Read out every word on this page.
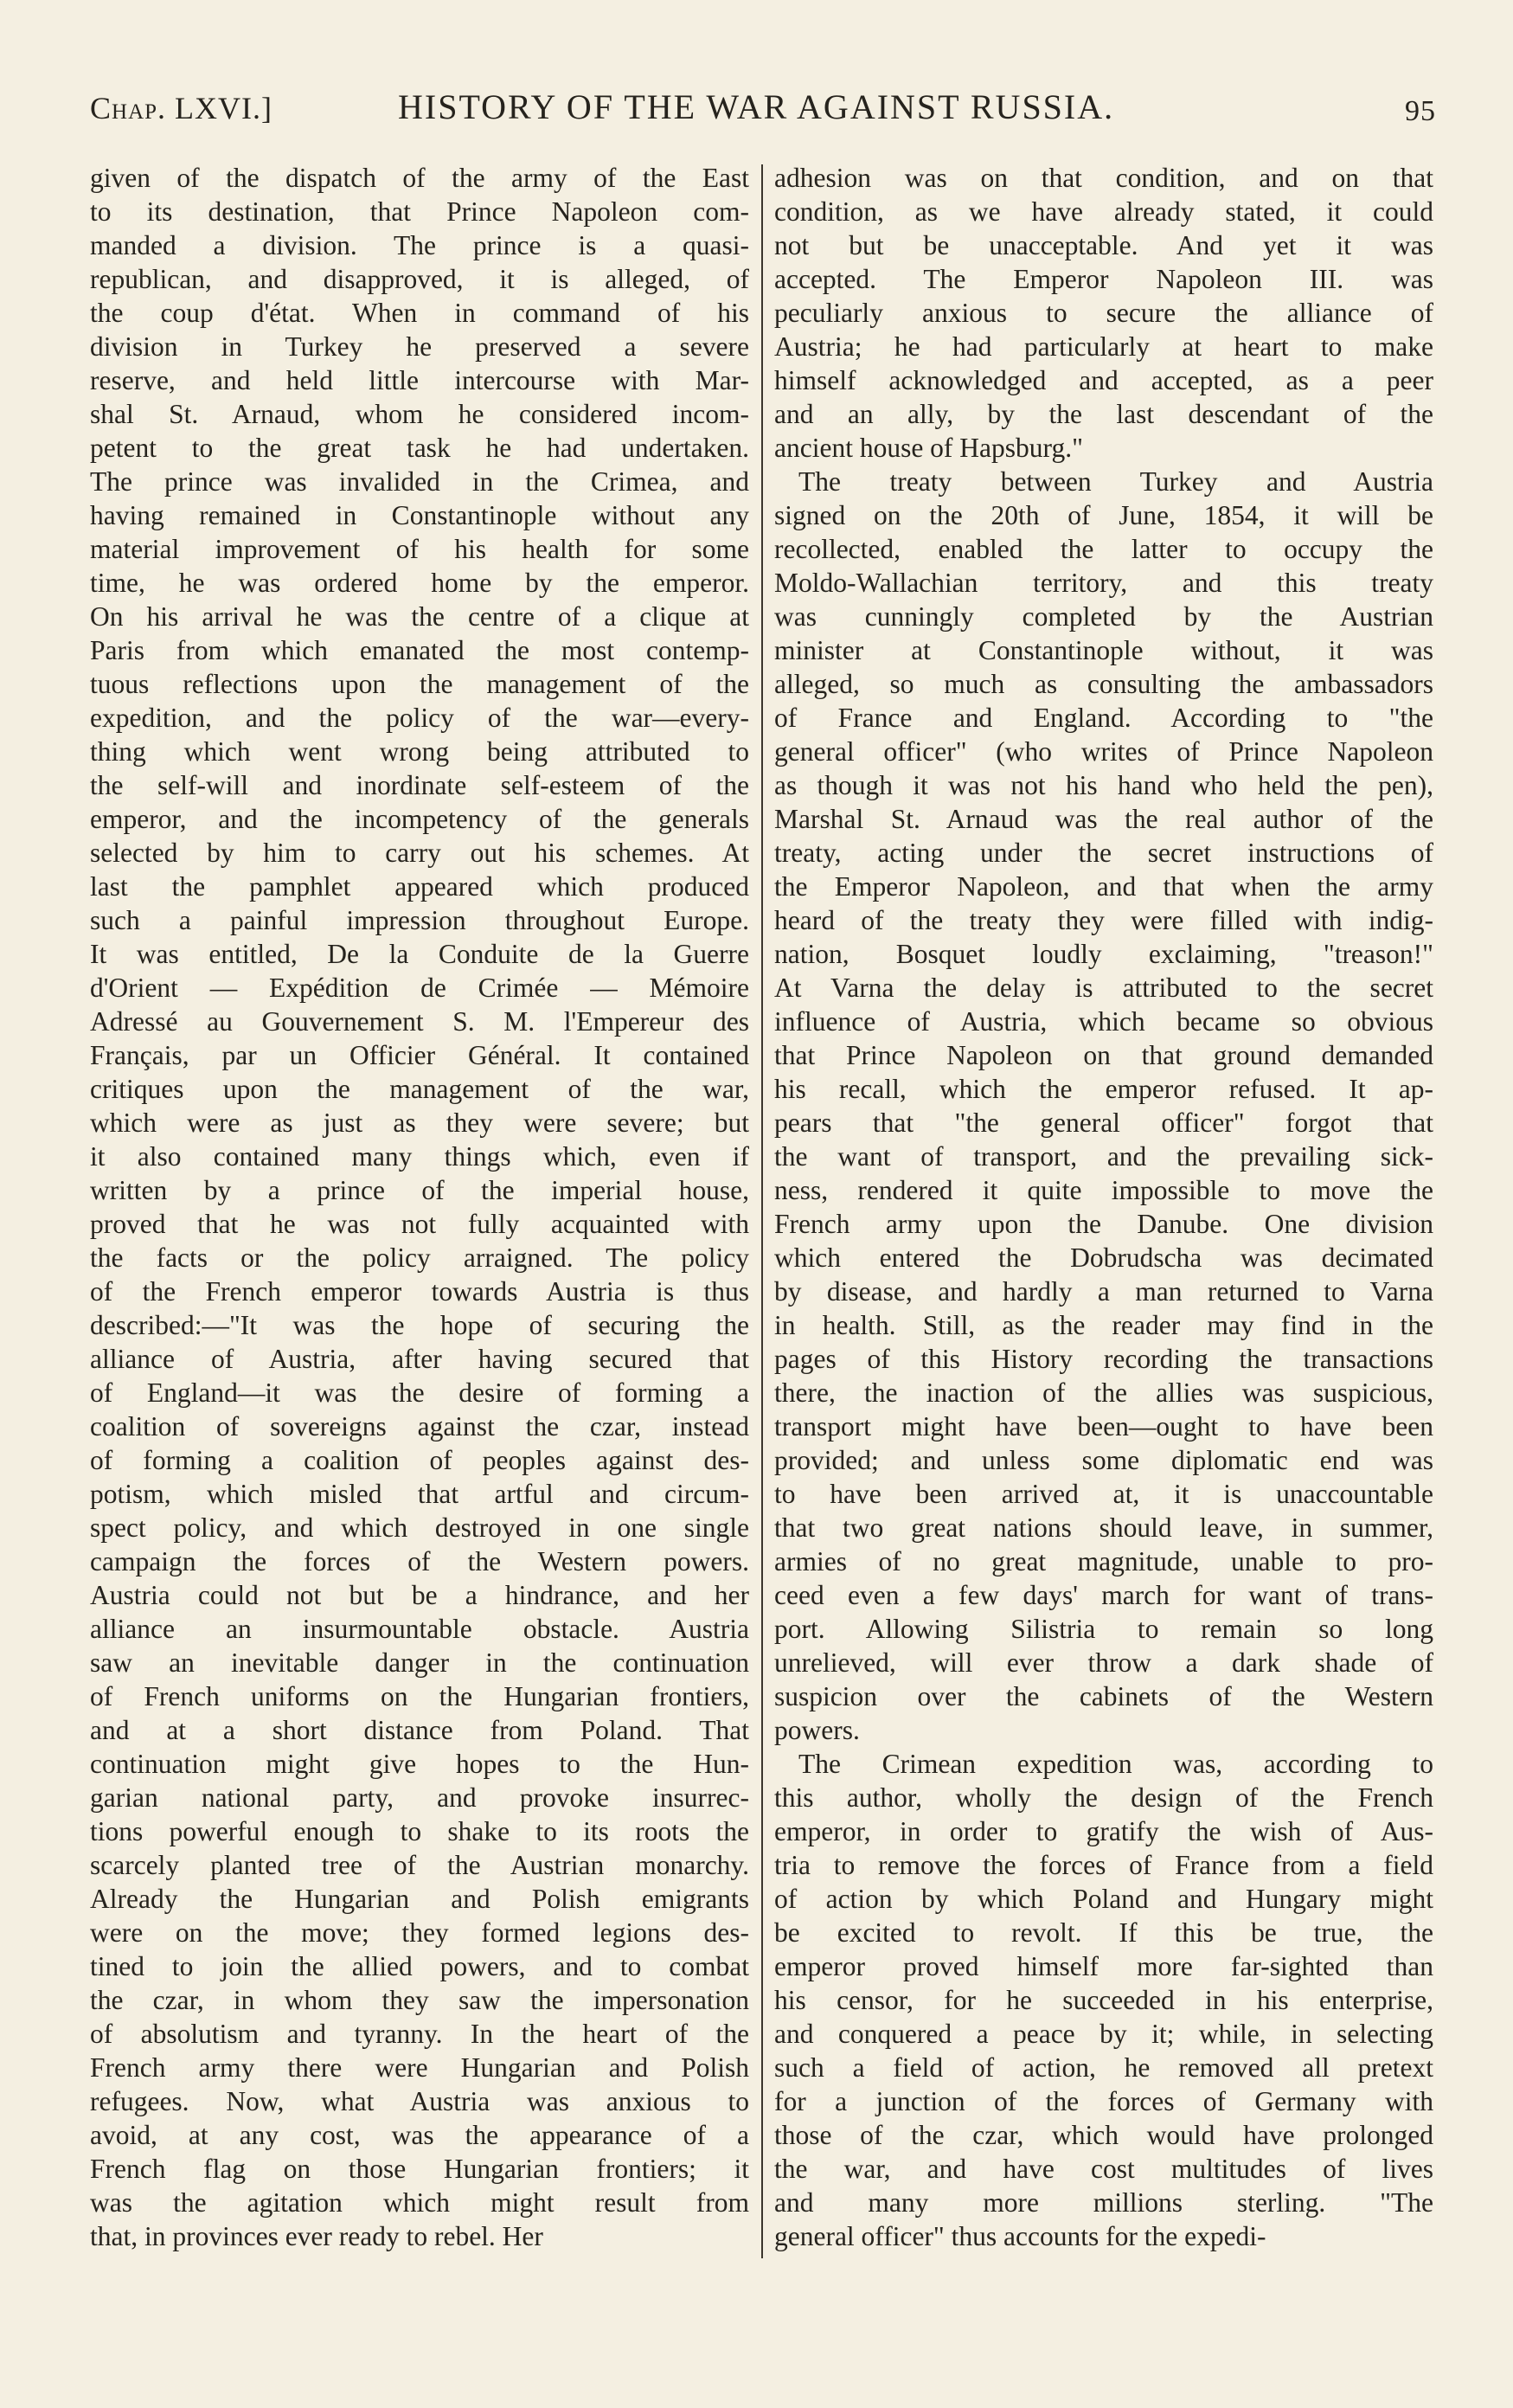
Chap. LXVI.]	HISTORY OF THE WAR AGAINST RUSSIA.	95
given of the dispatch of the army of the East
to its destination, that Prince Napoleon com-
manded a division. The prince is a quasi-
republican, and disapproved, it is alleged, of
the coup d'état. When in command of his
division in Turkey he preserved a severe
reserve, and held little intercourse with Mar-
shal St. Arnaud, whom he considered incom-
petent to the great task he had undertaken.
The prince was invalided in the Crimea, and
having remained in Constantinople without any
material improvement of his health for some
time, he was ordered home by the emperor.
On his arrival he was the centre of a clique at
Paris from which emanated the most contemp-
tuous reflections upon the management of the
expedition, and the policy of the war—every-
thing which went wrong being attributed to
the self-will and inordinate self-esteem of the
emperor, and the incompetency of the generals
selected by him to carry out his schemes. At
last the pamphlet appeared which produced
such a painful impression throughout Europe.
It was entitled, De la Conduite de la Guerre
d'Orient — Expédition de Crimée — Mémoire
Adressé au Gouvernement S. M. l'Empereur des
Français, par un Officier Général. It contained
critiques upon the management of the war,
which were as just as they were severe; but
it also contained many things which, even if
written by a prince of the imperial house,
proved that he was not fully acquainted with
the facts or the policy arraigned. The policy
of the French emperor towards Austria is thus
described:—"It was the hope of securing the
alliance of Austria, after having secured that
of England—it was the desire of forming a
coalition of sovereigns against the czar, instead
of forming a coalition of peoples against des-
potism, which misled that artful and circum-
spect policy, and which destroyed in one single
campaign the forces of the Western powers.
Austria could not but be a hindrance, and her
alliance an insurmountable obstacle. Austria
saw an inevitable danger in the continuation
of French uniforms on the Hungarian frontiers,
and at a short distance from Poland. That
continuation might give hopes to the Hun-
garian national party, and provoke insurrec-
tions powerful enough to shake to its roots the
scarcely planted tree of the Austrian monarchy.
Already the Hungarian and Polish emigrants
were on the move; they formed legions des-
tined to join the allied powers, and to combat
the czar, in whom they saw the impersonation
of absolutism and tyranny. In the heart of the
French army there were Hungarian and Polish
refugees. Now, what Austria was anxious to
avoid, at any cost, was the appearance of a
French flag on those Hungarian frontiers; it
was the agitation which might result from
that, in provinces ever ready to rebel. Her
adhesion was on that condition, and on that
condition, as we have already stated, it could
not but be unacceptable. And yet it was
accepted. The Emperor Napoleon III. was
peculiarly anxious to secure the alliance of
Austria; he had particularly at heart to make
himself acknowledged and accepted, as a peer
and an ally, by the last descendant of the
ancient house of Hapsburg."
The treaty between Turkey and Austria
signed on the 20th of June, 1854, it will be
recollected, enabled the latter to occupy the
Moldo-Wallachian territory, and this treaty
was cunningly completed by the Austrian
minister at Constantinople without, it was
alleged, so much as consulting the ambassadors
of France and England. According to "the
general officer" (who writes of Prince Napoleon
as though it was not his hand who held the pen),
Marshal St. Arnaud was the real author of the
treaty, acting under the secret instructions of
the Emperor Napoleon, and that when the army
heard of the treaty they were filled with indig-
nation, Bosquet loudly exclaiming, "treason!"
At Varna the delay is attributed to the secret
influence of Austria, which became so obvious
that Prince Napoleon on that ground demanded
his recall, which the emperor refused. It ap-
pears that "the general officer" forgot that
the want of transport, and the prevailing sick-
ness, rendered it quite impossible to move the
French army upon the Danube. One division
which entered the Dobrudscha was decimated
by disease, and hardly a man returned to Varna
in health. Still, as the reader may find in the
pages of this History recording the transactions
there, the inaction of the allies was suspicious,
transport might have been—ought to have been
provided; and unless some diplomatic end was
to have been arrived at, it is unaccountable
that two great nations should leave, in summer,
armies of no great magnitude, unable to pro-
ceed even a few days' march for want of trans-
port. Allowing Silistria to remain so long
unrelieved, will ever throw a dark shade of
suspicion over the cabinets of the Western
powers.
The Crimean expedition was, according to
this author, wholly the design of the French
emperor, in order to gratify the wish of Aus-
tria to remove the forces of France from a field
of action by which Poland and Hungary might
be excited to revolt. If this be true, the
emperor proved himself more far-sighted than
his censor, for he succeeded in his enterprise,
and conquered a peace by it; while, in selecting
such a field of action, he removed all pretext
for a junction of the forces of Germany with
those of the czar, which would have prolonged
the war, and have cost multitudes of lives
and many more millions sterling. "The
general officer" thus accounts for the expedi-
